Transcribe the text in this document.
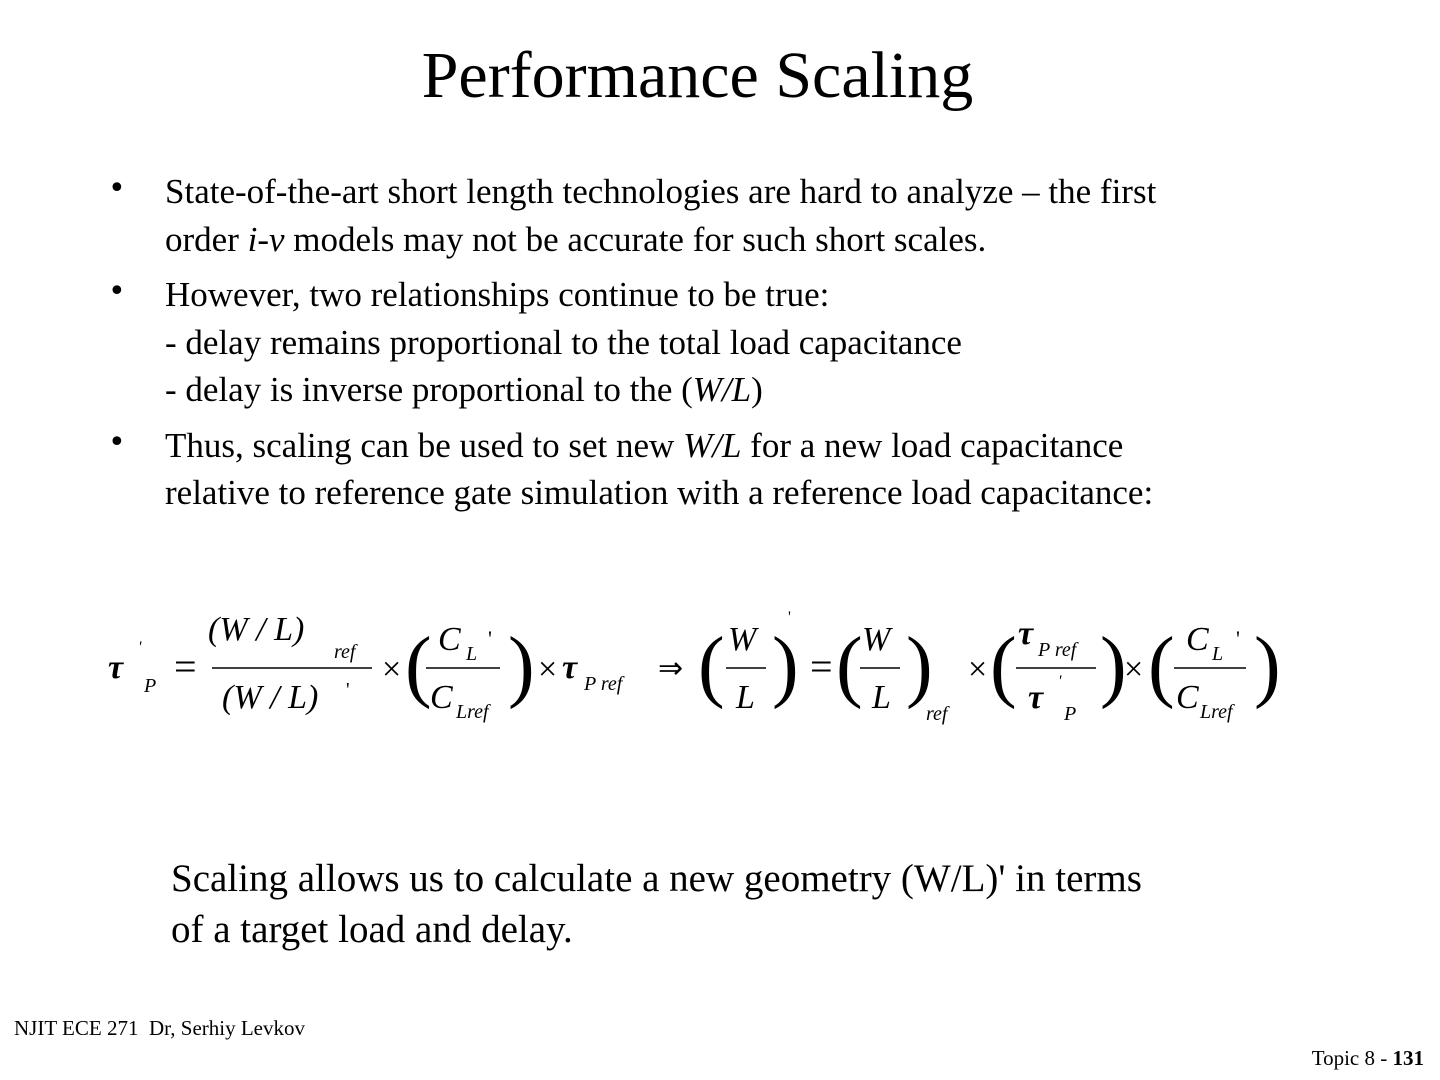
Performance Scaling
• State-of-the-art short length technologies are hard to analyze – the first
order i-v models may not be accurate for such short scales.
• However, two relationships continue to be true:
- delay remains proportional to the total load capacitance
- delay is inverse proportional to the (W/L)
• Thus, scaling can be used to set new W/L for a new load capacitance
relative to reference gate simulation with a reference load capacitance:
τ
'
P =
(W / L)
ref
(W / L) '
× ( C L
'
C Lref
) × τ P ref ⇒ ( W
L )
'
= ( W
L )
ref
× ( τ P ref
τ '
P
)
× ( C L
'
C Lref
)
Scaling allows us to calculate a new geometry (W/L)' in terms
of a target load and delay.
NJIT ECE 271  Dr, Serhiy Levkov
Topic 8 - 131
